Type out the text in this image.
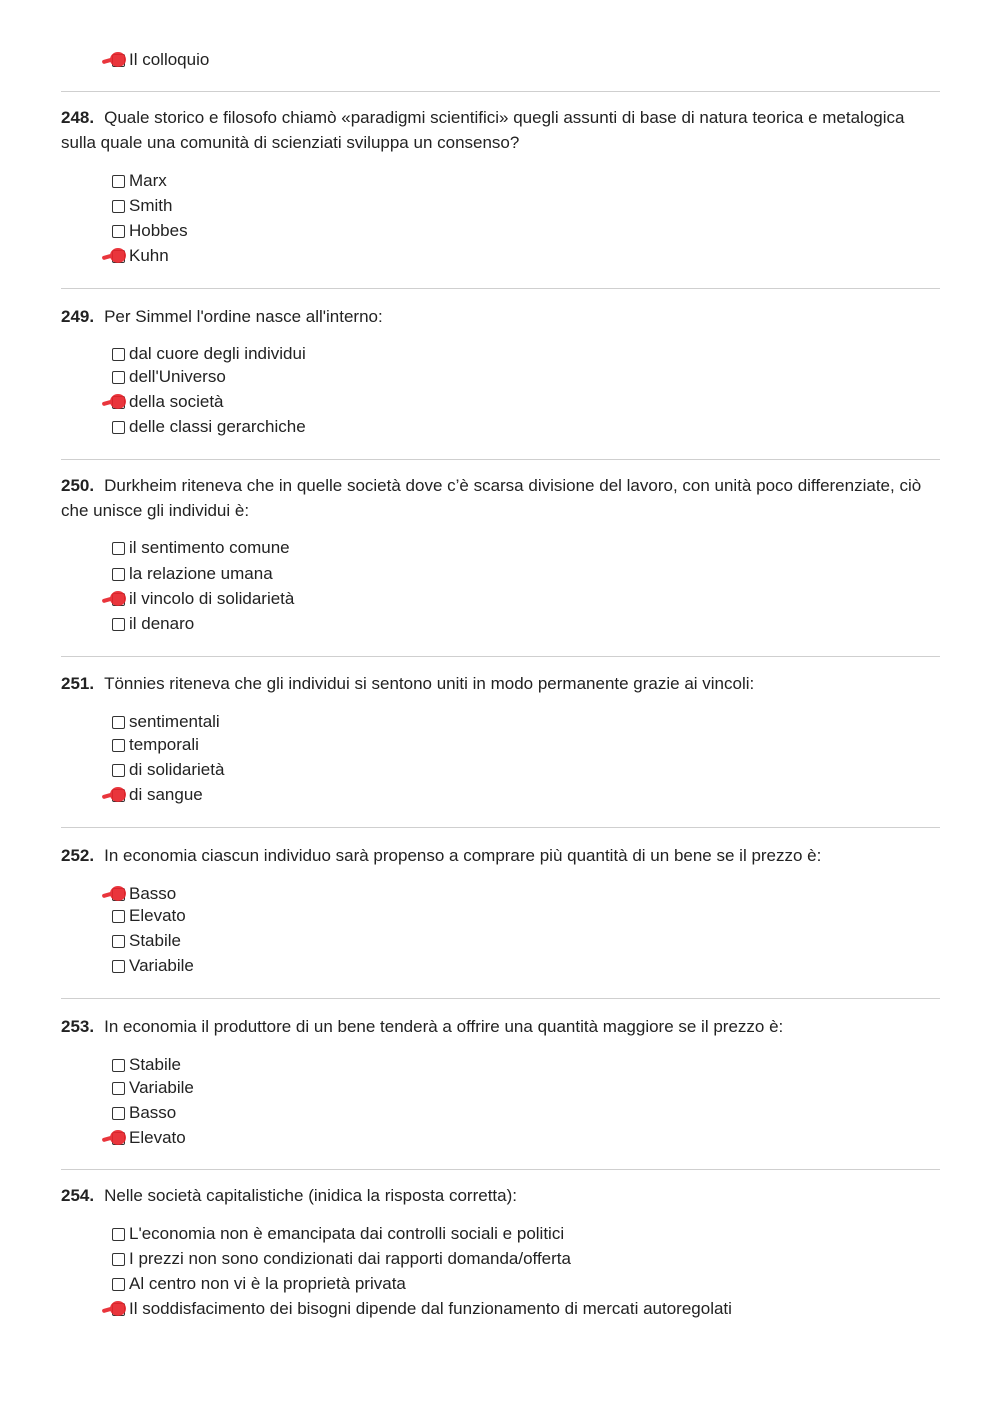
Il colloquio
248. Quale storico e filosofo chiamò «paradigmi scientifici» quegli assunti di base di natura teorica e metalogica sulla quale una comunità di scienziati sviluppa un consenso?
Marx
Smith
Hobbes
Kuhn
249. Per Simmel l'ordine nasce all'interno:
dal cuore degli individui
dell'Universo
della società
delle classi gerarchiche
250. Durkheim riteneva che in quelle società dove c’è scarsa divisione del lavoro, con unità poco differenziate, ciò che unisce gli individui è:
il sentimento comune
la relazione umana
il vincolo di solidarietà
il denaro
251. Tönnies riteneva che gli individui si sentono uniti in modo permanente grazie ai vincoli:
sentimentali
temporali
di solidarietà
di sangue
252. In economia ciascun individuo sarà propenso a comprare più quantità di un bene se il prezzo è:
Basso
Elevato
Stabile
Variabile
253. In economia il produttore di un bene tenderà a offrire una quantità maggiore se il prezzo è:
Stabile
Variabile
Basso
Elevato
254. Nelle società capitalistiche (inidica la risposta corretta):
L'economia non è emancipata dai controlli sociali e politici
I prezzi non sono condizionati dai rapporti domanda/offerta
Al centro non vi è la proprietà privata
Il soddisfacimento dei bisogni dipende dal funzionamento di mercati autoregolati
